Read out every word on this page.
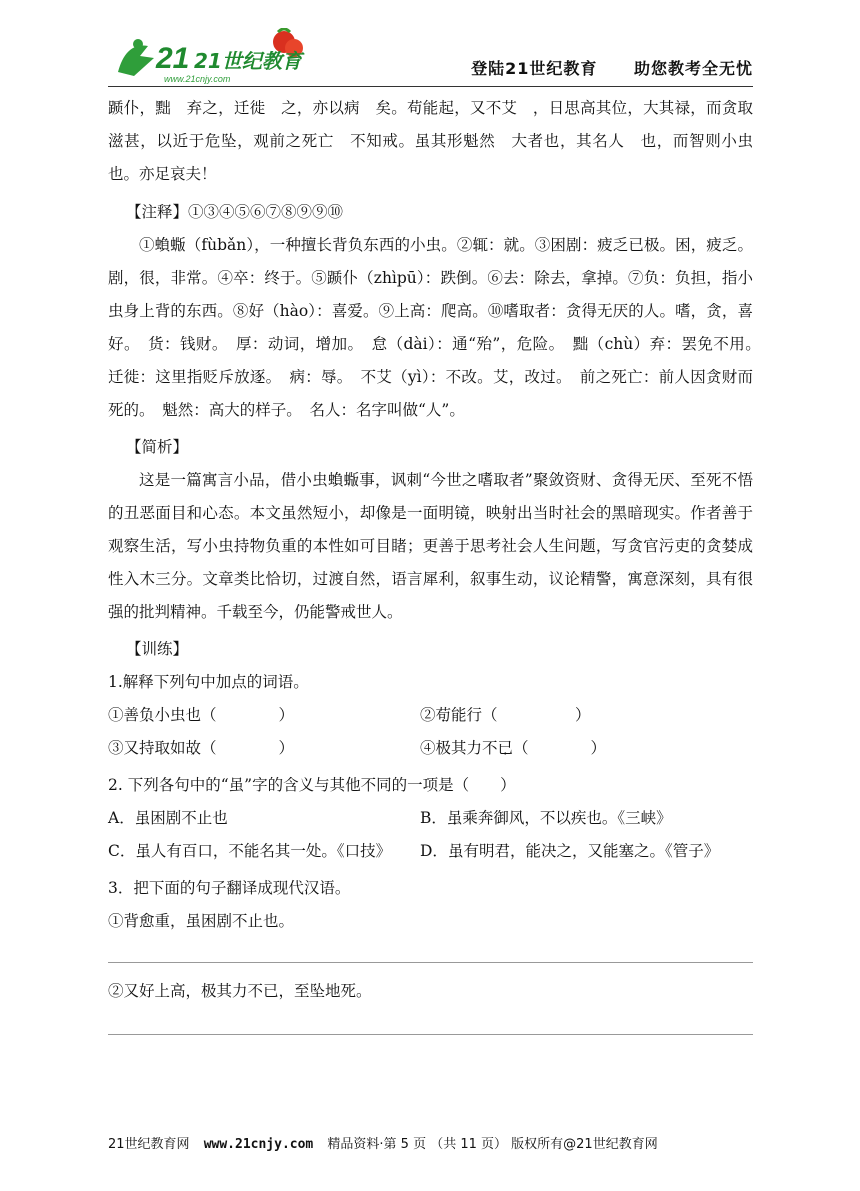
21 21世纪教育
www.21cnjy.com
登陆21世纪教育 助您教考全无忧

踬仆，黜　弃之，迁徙　之，亦以病　矣。苟能起，又不艾　，日思高其位，大其禄，而贪取滋甚，以近于危坠，观前之死亡　不知戒。虽其形魁然　大者也，其名人　也，而智则小虫也。亦足哀夫！

【注释】①③④⑤⑥⑦⑧⑨⑨⑩

①蝜蝂（fùbǎn），一种擅长背负东西的小虫。②辄：就。③困剧：疲乏已极。困，疲乏。剧，很，非常。④卒：终于。⑤踬仆（zhìpū）：跌倒。⑥去：除去，拿掉。⑦负：负担，指小虫身上背的东西。⑧好（hào）：喜爱。⑨上高：爬高。⑩嗜取者：贪得无厌的人。嗜，贪，喜好。　货：钱财。　厚：动词，增加。　怠（dài）：通“殆”，危险。　黜（chù）弃：罢免不用。　迁徙：这里指贬斥放逐。　病：辱。　不艾（yì）：不改。艾，改过。　前之死亡：前人因贪财而死的。　魁然：高大的样子。　名人：名字叫做“人”。

【简析】

这是一篇寓言小品，借小虫蝜蝂事，讽刺“今世之嗜取者”聚敛资财、贪得无厌、至死不悟的丑恶面目和心态。本文虽然短小，却像是一面明镜，映射出当时社会的黑暗现实。作者善于观察生活，写小虫持物负重的本性如可目睹；更善于思考社会人生问题，写贪官污吏的贪婪成性入木三分。文章类比恰切，过渡自然，语言犀利，叙事生动，议论精警，寓意深刻，具有很强的批判精神。千载至今，仍能警戒世人。

【训练】

1.解释下列句中加点的词语。

①善负小虫也（　　　　）	②苟能行（　　　　　）
③又持取如故（　　　　）	④极其力不已（　　　　）

2. 下列各句中的“虽”字的含义与其他不同的一项是（　　）

A．虽困剧不止也	B．虽乘奔御风，不以疾也。《三峡》
C．虽人有百口，不能名其一处。《口技》	D．虽有明君，能决之，又能塞之。《管子》

3．把下面的句子翻译成现代汉语。

①背愈重，虽困剧不止也。

②又好上高，极其力不已，至坠地死。

21世纪教育网 www.21cnjy.com 精品资料·第 5 页 （共 11 页） 版权所有@21世纪教育网
